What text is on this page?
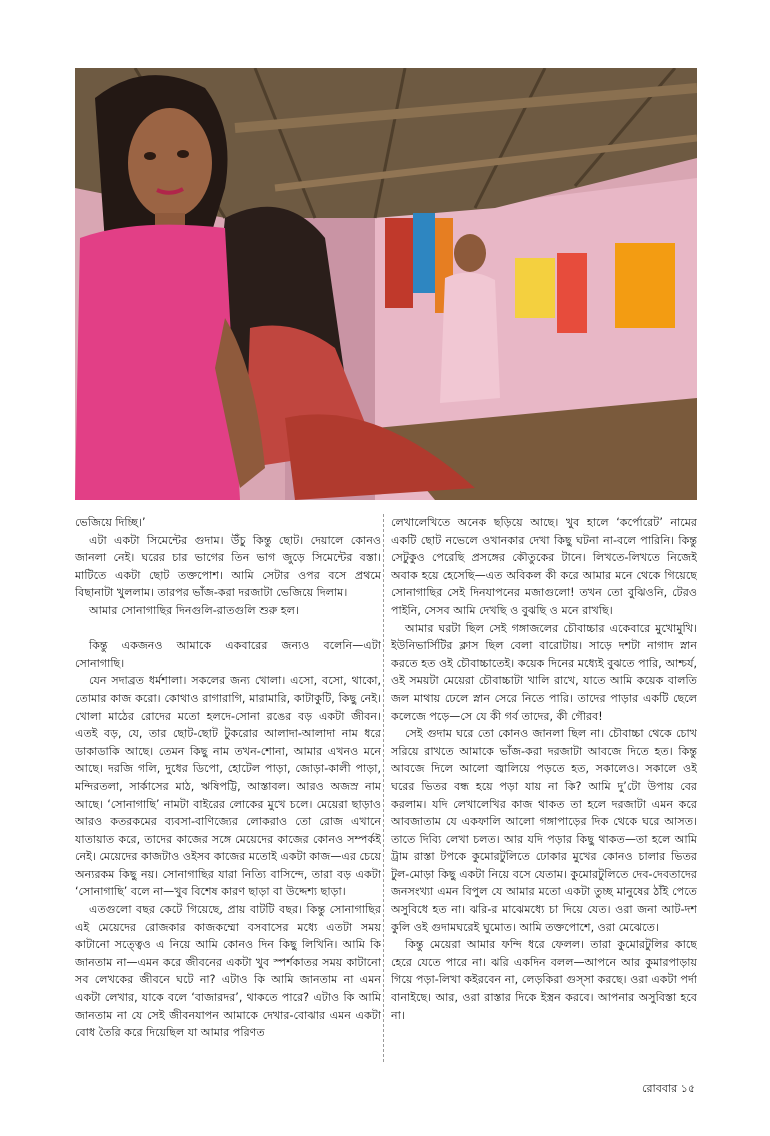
ভেজিয়ে দিচ্ছি।’

এটা একটা সিমেন্টের গুদাম। উঁচু কিন্তু ছোট। দেয়ালে কোনও জানলা নেই। ঘরের চার ভাগের তিন ভাগ জুড়ে সিমেন্টের বস্তা। মাটিতে একটা ছোট তক্তপোশ। আমি সেটার ওপর বসে প্রথমে বিছানাটা খুললাম। তারপর ভাঁজ-করা দরজাটা ভেজিয়ে দিলাম।

আমার সোনাগাছির দিনগুলি-রাতগুলি শুরু হল।

কিন্তু একজনও আমাকে একবারের জন্যও বলেনি—এটা সোনাগাছি।

যেন সদাব্রত ধর্মশালা। সকলের জন্য খোলা। এসো, বসো, থাকো, তোমার কাজ করো। কোথাও রাগারাগি, মারামারি, কাটাকুটি, কিছু নেই। খোলা মাঠের রোদের মতো হলদে-সোনা রঙের বড় একটা জীবন। এতই বড়, যে, তার ছোট-ছোট টুকরোর আলাদা-আলাদা নাম ধরে ডাকাডাকি আছে। তেমন কিছু নাম তখন-শোনা, আমার এখনও মনে আছে। দরজি গলি, দুধের ডিপো, হোটেল পাড়া, জোড়া-কালী পাড়া, মন্দিরতলা, সার্কাসের মাঠ, ঋষিপট্টি, আস্তাবল। আরও অজস্র নাম আছে। ‘সোনাগাছি’ নামটা বাইরের লোকের মুখে চলে। মেয়েরা ছাড়াও আরও কতরকমের ব্যবসা-বাণিজ্যের লোকরাও তো রোজ এখানে যাতায়াত করে, তাদের কাজের সঙ্গে মেয়েদের কাজের কোনও সম্পর্কই নেই। মেয়েদের কাজটাও ওইসব কাজের মতোই একটা কাজ—এর চেয়ে অন্যরকম কিছু নয়। সোনাগাছির যারা নিত্যি বাসিন্দে, তারা বড় একটা ‘সোনাগাছি’ বলে না—খুব বিশেষ কারণ ছাড়া বা উদ্দেশ্য ছাড়া।

এতগুলো বছর কেটে গিয়েছে, প্রায় বাটটি বছর। কিন্তু সোনাগাছির এই মেয়েদের রোজকার কাজকম্মো বসবাসের মধ্যে এতটা সময় কাটানো সত্ত্বেও এ নিয়ে আমি কোনও দিন কিছু লিখিনি। আমি কি জানতাম না—এমন করে জীবনের একটা খুব স্পর্শকাতর সময় কাটানো সব লেখকের জীবনে ঘটে না? এটাও কি আমি জানতাম না এমন একটা লেখার, যাকে বলে ‘বাজারদর’, থাকতে পারে? এটাও কি আমি জানতাম না যে সেই জীবনযাপন আমাকে দেখার-বোঝার এমন একটা বোধ তৈরি করে দিয়েছিল যা আমার পরিণত

লেখালেখিতে অনেক ছড়িয়ে আছে। খুব হালে ‘কর্পোরেট’ নামের একটি ছোট নভেলে ওখানকার দেখা কিছু ঘটনা না-বলে পারিনি। কিন্তু সেটুকুও পেরেছি প্রসঙ্গের কৌতুকের টানে। লিখতে-লিখতে নিজেই অবাক হয়ে হেসেছি—এত অবিকল কী করে আমার মনে থেকে গিয়েছে সোনাগাছির সেই দিনযাপনের মজাগুলো! তখন তো বুঝিওনি, টেরও পাইনি, সেসব আমি দেখছি ও বুঝছি ও মনে রাখছি।

আমার ঘরটা ছিল সেই গঙ্গাজলের চৌবাচ্চার একেবারে মুখোমুখি। ইউনিভার্সিটির ক্লাস ছিল বেলা বারোটায়। সাড়ে দশটা নাগাদ স্নান করতে হত ওই চৌবাচ্চাতেই। কয়েক দিনের মধ্যেই বুঝতে পারি, আশ্চর্য, ওই সময়টা মেয়েরা চৌবাচ্চাটা খালি রাখে, যাতে আমি কয়েক বালতি জল মাথায় ঢেলে স্নান সেরে নিতে পারি। তাদের পাড়ার একটি ছেলে কলেজে পড়ে—সে যে কী গর্ব তাদের, কী গৌরব!

সেই গুদাম ঘরে তো কোনও জানলা ছিল না। চৌবাচ্চা থেকে চোখ সরিয়ে রাখতে আমাকে ভাঁজ-করা দরজাটা আবজে দিতে হত। কিন্তু আবজে দিলে আলো জ্বালিয়ে পড়তে হত, সকালেও। সকালে ওই ঘরের ভিতর বন্ধ হয়ে পড়া যায় না কি? আমি দু’টো উপায় বের করলাম। যদি লেখালেখির কাজ থাকত তা হলে দরজাটা এমন করে আবজাতাম যে একফালি আলো গঙ্গাপাড়ের দিক থেকে ঘরে আসত। তাতে দিব্যি লেখা চলত। আর যদি পড়ার কিছু থাকত—তা হলে আমি ট্রাম রাস্তা টপকে কুমোরটুলিতে ঢোকার মুখের কোনও চালার ভিতর টুল-মোড়া কিছু একটা নিয়ে বসে যেতাম। কুমোরটুলিতে দেব-দেবতাদের জনসংখ্যা এমন বিপুল যে আমার মতো একটা তুচ্ছ মানুষের ঠাঁই পেতে অসুবিধে হত না। ঝরি-র মাঝেমধ্যে চা দিয়ে যেত। ওরা জনা আট-দশ কুলি ওই গুদামঘরেই ঘুমোত। আমি তক্তপোশে, ওরা মেঝেতে।

কিন্তু মেয়েরা আমার ফন্দি ধরে ফেলল। তারা কুমোরটুলির কাছে হেরে যেতে পারে না। ঝরি একদিন বলল—আপনে আর কুমারপাড়ায় গিয়ে পড়া-লিখা কইরবেন না, লেড়কিরা গুস্সা করছে। ওরা একটা পর্দা বানাইছে। আর, ওরা রাস্তার দিকে ইস্ত্রন করবে। আপনার অসুবিস্তা হবে না।

রোববার ১৫
